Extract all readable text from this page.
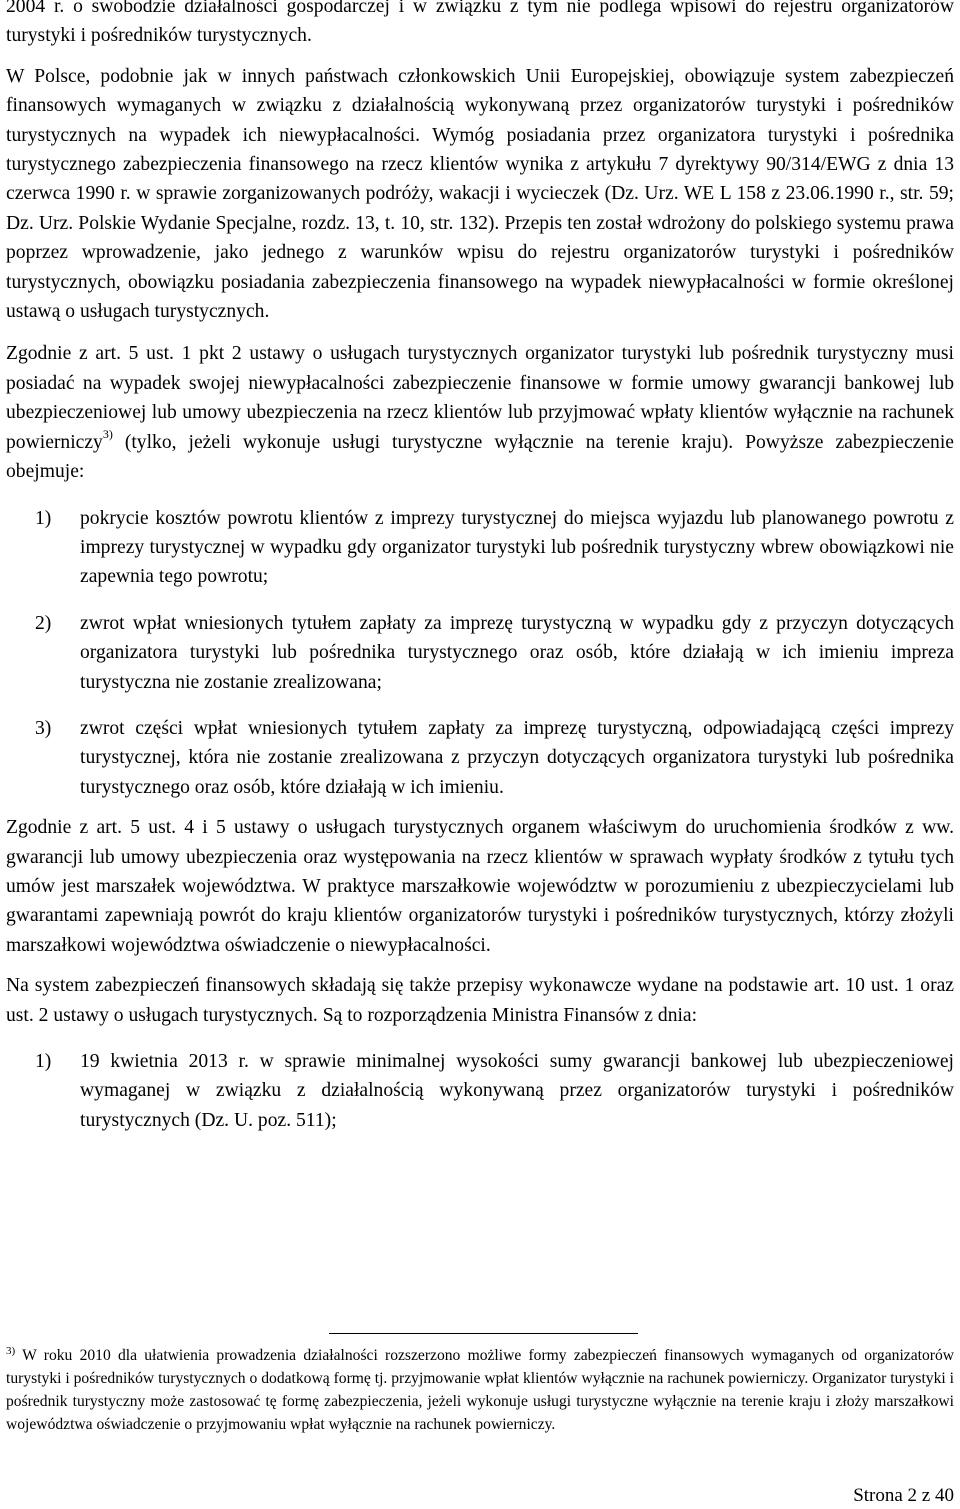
2004 r. o swobodzie działalności gospodarczej i w związku z tym nie podlega wpisowi do rejestru organizatorów turystyki i pośredników turystycznych.

W Polsce, podobnie jak w innych państwach członkowskich Unii Europejskiej, obowiązuje system zabezpieczeń finansowych wymaganych w związku z działalnością wykonywaną przez organizatorów turystyki i pośredników turystycznych na wypadek ich niewypłacalności. Wymóg posiadania przez organizatora turystyki i pośrednika turystycznego zabezpieczenia finansowego na rzecz klientów wynika z artykułu 7 dyrektywy 90/314/EWG z dnia 13 czerwca 1990 r. w sprawie zorganizowanych podróży, wakacji i wycieczek (Dz. Urz. WE L 158 z 23.06.1990 r., str. 59; Dz. Urz. Polskie Wydanie Specjalne, rozdz. 13, t. 10, str. 132). Przepis ten został wdrożony do polskiego systemu prawa poprzez wprowadzenie, jako jednego z warunków wpisu do rejestru organizatorów turystyki i pośredników turystycznych, obowiązku posiadania zabezpieczenia finansowego na wypadek niewypłacalności w formie określonej ustawą o usługach turystycznych.

Zgodnie z art. 5 ust. 1 pkt 2 ustawy o usługach turystycznych organizator turystyki lub pośrednik turystyczny musi posiadać na wypadek swojej niewypłacalności zabezpieczenie finansowe w formie umowy gwarancji bankowej lub ubezpieczeniowej lub umowy ubezpieczenia na rzecz klientów lub przyjmować wpłaty klientów wyłącznie na rachunek powierniczy$^{3)}$ (tylko, jeżeli wykonuje usługi turystyczne wyłącznie na terenie kraju). Powyższe zabezpieczenie obejmuje:

1) pokrycie kosztów powrotu klientów z imprezy turystycznej do miejsca wyjazdu lub planowanego powrotu z imprezy turystycznej w wypadku gdy organizator turystyki lub pośrednik turystyczny wbrew obowiązkowi nie zapewnia tego powrotu;
2) zwrot wpłat wniesionych tytułem zapłaty za imprezę turystyczną w wypadku gdy z przyczyn dotyczących organizatora turystyki lub pośrednika turystycznego oraz osób, które działają w ich imieniu impreza turystyczna nie zostanie zrealizowana;
3) zwrot części wpłat wniesionych tytułem zapłaty za imprezę turystyczną, odpowiadającą części imprezy turystycznej, która nie zostanie zrealizowana z przyczyn dotyczących organizatora turystyki lub pośrednika turystycznego oraz osób, które działają w ich imieniu.

Zgodnie z art. 5 ust. 4 i 5 ustawy o usługach turystycznych organem właściwym do uruchomienia środków z ww. gwarancji lub umowy ubezpieczenia oraz występowania na rzecz klientów w sprawach wypłaty środków z tytułu tych umów jest marszałek województwa. W praktyce marszałkowie województw w porozumieniu z ubezpieczycielami lub gwarantami zapewniają powrót do kraju klientów organizatorów turystyki i pośredników turystycznych, którzy złożyli marszałkowi województwa oświadczenie o niewypłacalności.

Na system zabezpieczeń finansowych składają się także przepisy wykonawcze wydane na podstawie art. 10 ust. 1 oraz ust. 2 ustawy o usługach turystycznych. Są to rozporządzenia Ministra Finansów z dnia:

1) 19 kwietnia 2013 r. w sprawie minimalnej wysokości sumy gwarancji bankowej lub ubezpieczeniowej wymaganej w związku z działalnością wykonywaną przez organizatorów turystyki i pośredników turystycznych (Dz. U. poz. 511);

$^{3)}$ W roku 2010 dla ułatwienia prowadzenia działalności rozszerzono możliwe formy zabezpieczeń finansowych wymaganych od organizatorów turystyki i pośredników turystycznych o dodatkową formę tj. przyjmowanie wpłat klientów wyłącznie na rachunek powierniczy. Organizator turystyki i pośrednik turystyczny może zastosować tę formę zabezpieczenia, jeżeli wykonuje usługi turystyczne wyłącznie na terenie kraju i złoży marszałkowi województwa oświadczenie o przyjmowaniu wpłat wyłącznie na rachunek powierniczy.

Strona 2 z 40
